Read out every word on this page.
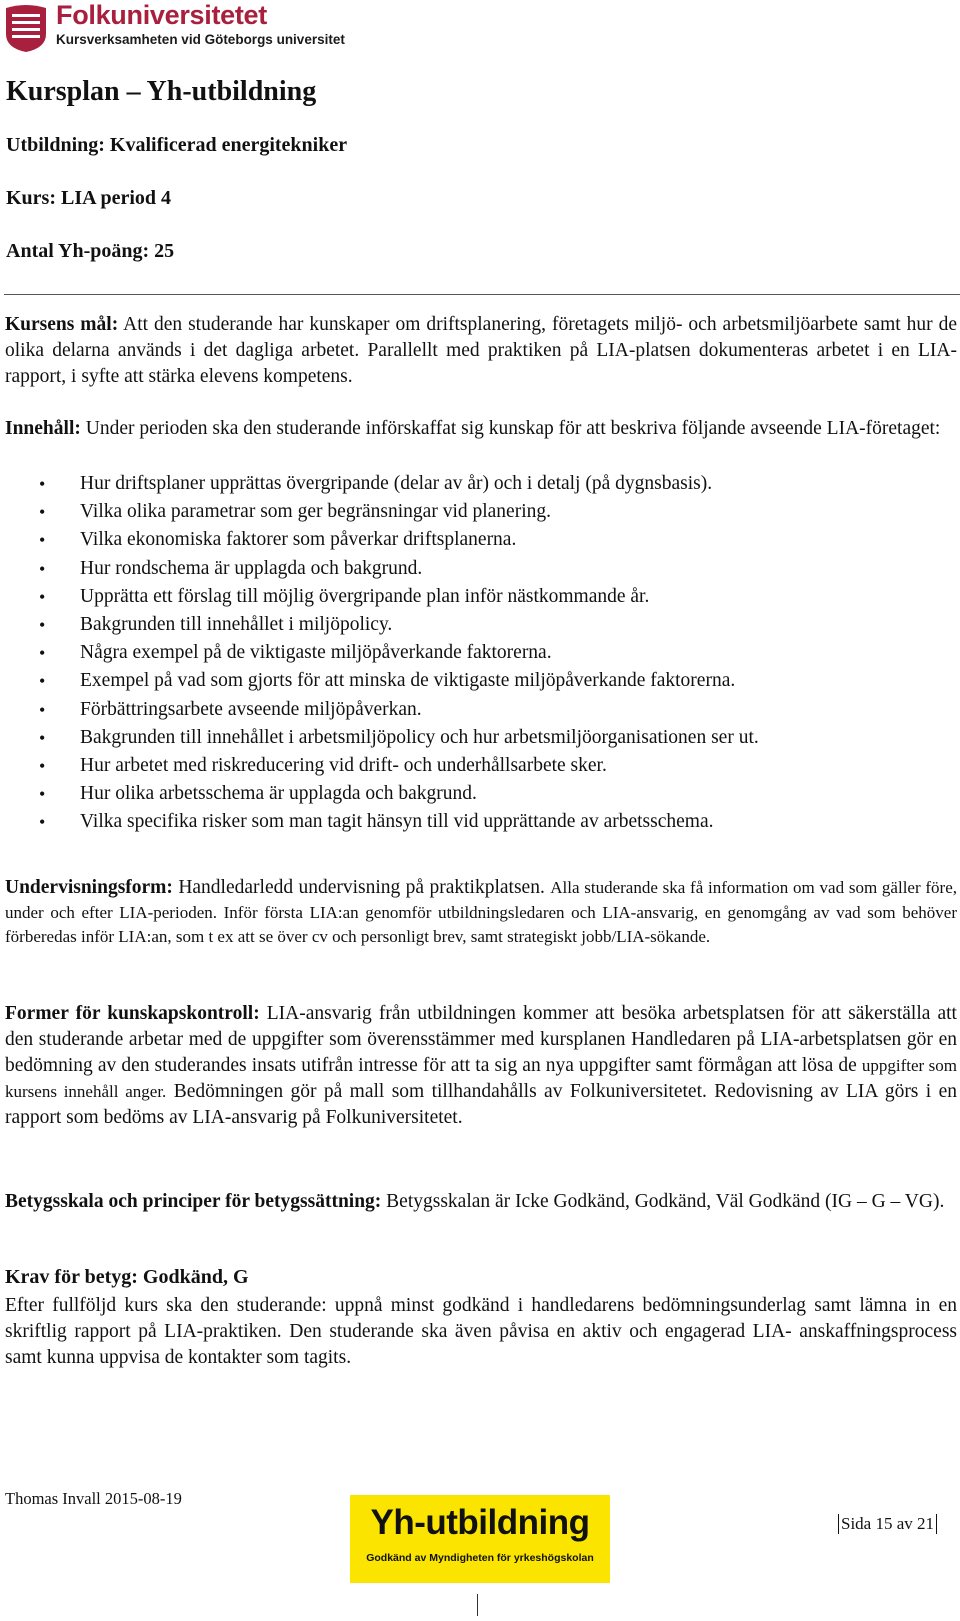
Folkuniversitetet
Kursverksamheten vid Göteborgs universitet
Kursplan – Yh-utbildning
Utbildning: Kvalificerad energitekniker
Kurs: LIA period 4
Antal Yh-poäng: 25
Kursens mål: Att den studerande har kunskaper om driftsplanering, företagets miljö- och arbetsmiljöarbete samt hur de olika delarna används i det dagliga arbetet. Parallellt med praktiken på LIA-platsen dokumenteras arbetet i en LIA-rapport, i syfte att stärka elevens kompetens.
Innehåll: Under perioden ska den studerande införskaffat sig kunskap för att beskriva följande avseende LIA-företaget:
• Hur driftsplaner upprättas övergripande (delar av år) och i detalj (på dygnsbasis).
• Vilka olika parametrar som ger begränsningar vid planering.
• Vilka ekonomiska faktorer som påverkar driftsplanerna.
• Hur rondschema är upplagda och bakgrund.
• Upprätta ett förslag till möjlig övergripande plan inför nästkommande år.
• Bakgrunden till innehållet i miljöpolicy.
• Några exempel på de viktigaste miljöpåverkande faktorerna.
• Exempel på vad som gjorts för att minska de viktigaste miljöpåverkande faktorerna.
• Förbättringsarbete avseende miljöpåverkan.
• Bakgrunden till innehållet i arbetsmiljöpolicy och hur arbetsmiljöorganisationen ser ut.
• Hur arbetet med riskreducering vid drift- och underhållsarbete sker.
• Hur olika arbetsschema är upplagda och bakgrund.
• Vilka specifika risker som man tagit hänsyn till vid upprättande av arbetsschema.
Undervisningsform: Handledarledd undervisning på praktikplatsen. Alla studerande ska få information om vad som gäller före, under och efter LIA-perioden. Inför första LIA:an genomför utbildningsledaren och LIA-ansvarig, en genomgång av vad som behöver förberedas inför LIA:an, som t ex att se över cv och personligt brev, samt strategiskt jobb/LIA-sökande.
Former för kunskapskontroll: LIA-ansvarig från utbildningen kommer att besöka arbetsplatsen för att säkerställa att den studerande arbetar med de uppgifter som överensstämmer med kursplanen Handledaren på LIA-arbetsplatsen gör en bedömning av den studerandes insats utifrån intresse för att ta sig an nya uppgifter samt förmågan att lösa de uppgifter som kursens innehåll anger. Bedömningen gör på mall som tillhandahålls av Folkuniversitetet. Redovisning av LIA görs i en rapport som bedöms av LIA-ansvarig på Folkuniversitetet.
Betygsskala och principer för betygssättning: Betygsskalan är Icke Godkänd, Godkänd, Väl Godkänd (IG – G – VG).
Krav för betyg: Godkänd, G
Efter fullföljd kurs ska den studerande: uppnå minst godkänd i handledarens bedömningsunderlag samt lämna in en skriftlig rapport på LIA-praktiken. Den studerande ska även påvisa en aktiv och engagerad LIA- anskaffningsprocess samt kunna uppvisa de kontakter som tagits.
Thomas Invall 2015-08-19
Yh-utbildning
Godkänd av Myndigheten för yrkeshögskolan
Sida 15 av 21
